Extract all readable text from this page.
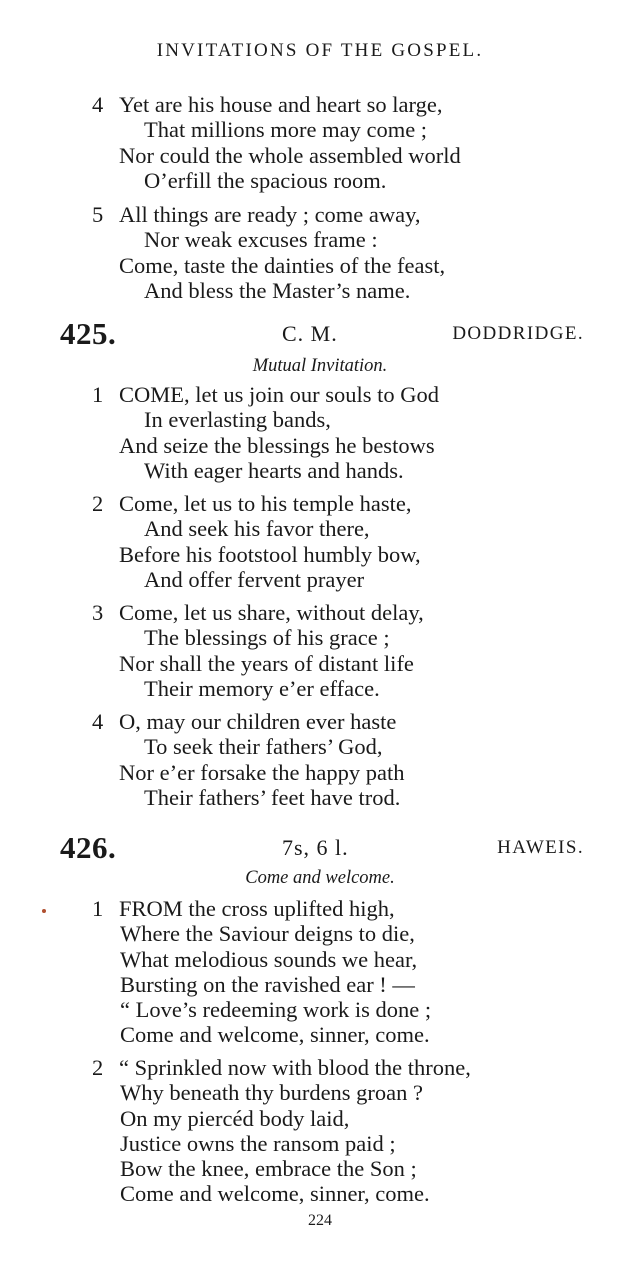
INVITATIONS OF THE GOSPEL.
4 Yet are his house and heart so large,
That millions more may come ;
Nor could the whole assembled world
O’erfill the spacious room.
5 All things are ready ; come away,
Nor weak excuses frame :
Come, taste the dainties of the feast,
And bless the Master’s name.
425.	C. M.	DODDRIDGE.
Mutual Invitation.
1 COME, let us join our souls to God
In everlasting bands,
And seize the blessings he bestows
With eager hearts and hands.
2 Come, let us to his temple haste,
And seek his favor there,
Before his footstool humbly bow,
And offer fervent prayer
3 Come, let us share, without delay,
The blessings of his grace ;
Nor shall the years of distant life
Their memory e’er efface.
4 O, may our children ever haste
To seek their fathers’ God,
Nor e’er forsake the happy path
Their fathers’ feet have trod.
426.	7s, 6 l.	HAWEIS.
Come and welcome.
1 FROM the cross uplifted high,
Where the Saviour deigns to die,
What melodious sounds we hear,
Bursting on the ravished ear ! —
“ Love’s redeeming work is done ;
Come and welcome, sinner, come.
2 “ Sprinkled now with blood the throne,
Why beneath thy burdens groan ?
On my piercéd body laid,
Justice owns the ransom paid ;
Bow the knee, embrace the Son ;
Come and welcome, sinner, come.
224
